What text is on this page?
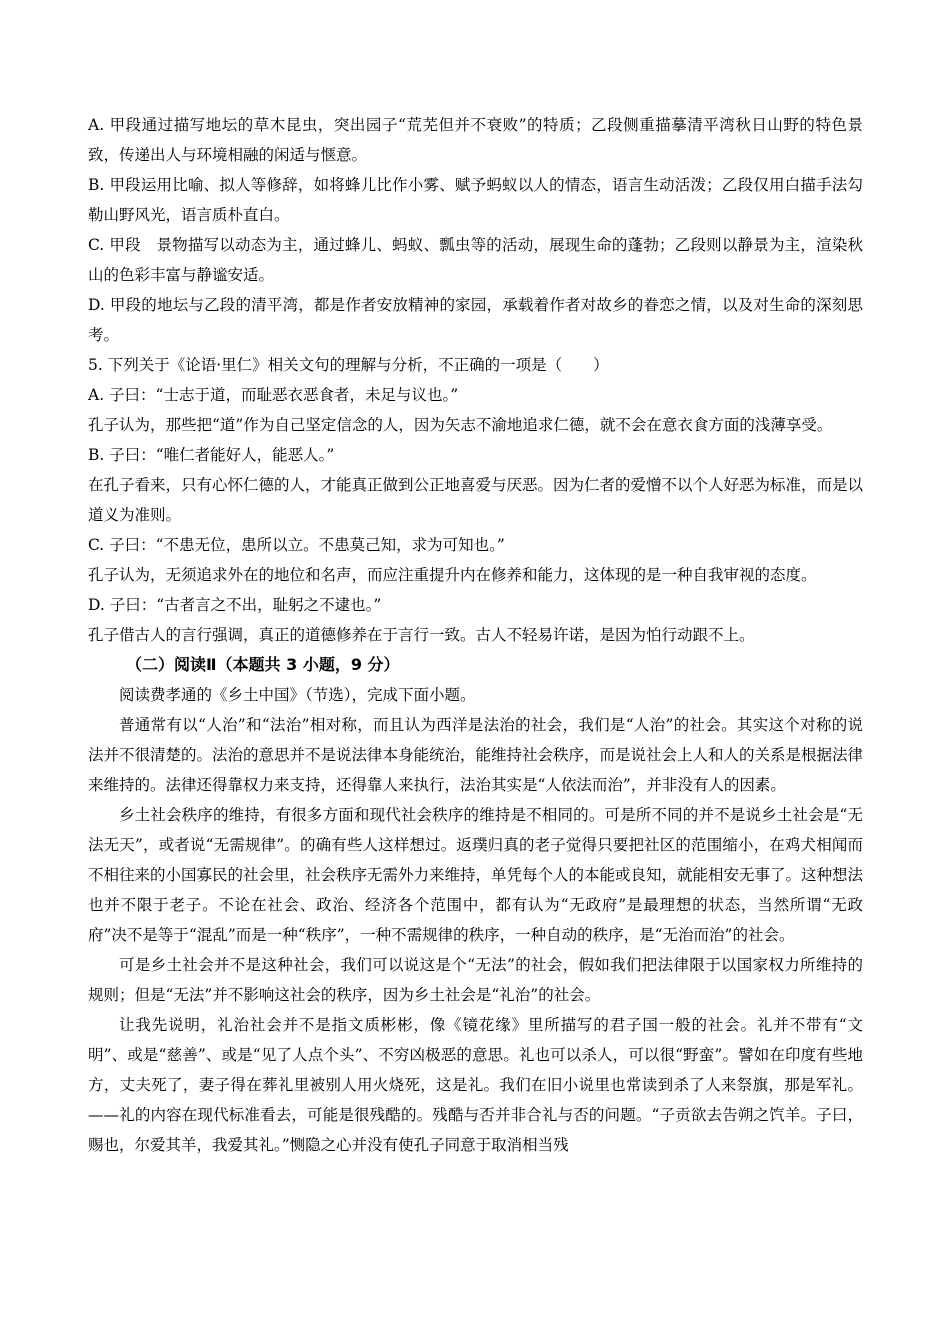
A. 甲段通过描写地坛的草木昆虫，突出园子“荒芜但并不衰败”的特质；乙段侧重描摹清平湾秋日山野的特色景致，传递出人与环境相融的闲适与惬意。

B. 甲段运用比喻、拟人等修辞，如将蜂儿比作小雾、赋予蚂蚁以人的情态，语言生动活泼；乙段仅用白描手法勾勒山野风光，语言质朴直白。

C. 甲段　景物描写以动态为主，通过蜂儿、蚂蚁、瓢虫等的活动，展现生命的蓬勃；乙段则以静景为主，渲染秋山的色彩丰富与静谧安适。

D. 甲段的地坛与乙段的清平湾，都是作者安放精神的家园，承载着作者对故乡的眷恋之情，以及对生命的深刻思考。

5. 下列关于《论语·里仁》相关文句的理解与分析，不正确的一项是（　　）

A. 子曰：“士志于道，而耻恶衣恶食者，未足与议也。”

孔子认为，那些把“道”作为自己坚定信念的人，因为矢志不渝地追求仁德，就不会在意衣食方面的浅薄享受。

B. 子曰：“唯仁者能好人，能恶人。”

在孔子看来，只有心怀仁德的人，才能真正做到公正地喜爱与厌恶。因为仁者的爱憎不以个人好恶为标准，而是以道义为准则。

C. 子曰：“不患无位，患所以立。不患莫己知，求为可知也。”

孔子认为，无须追求外在的地位和名声，而应注重提升内在修养和能力，这体现的是一种自我审视的态度。

D. 子曰：“古者言之不出，耻躬之不逮也。”

孔子借古人的言行强调，真正的道德修养在于言行一致。古人不轻易许诺，是因为怕行动跟不上。

（二）阅读Ⅱ（本题共 3 小题，9 分）

阅读费孝通的《乡土中国》（节选），完成下面小题。

普通常有以“人治”和“法治”相对称，而且认为西洋是法治的社会，我们是“人治”的社会。其实这个对称的说法并不很清楚的。法治的意思并不是说法律本身能统治，能维持社会秩序，而是说社会上人和人的关系是根据法律来维持的。法律还得靠权力来支持，还得靠人来执行，法治其实是“人依法而治”，并非没有人的因素。

乡土社会秩序的维持，有很多方面和现代社会秩序的维持是不相同的。可是所不同的并不是说乡土社会是“无法无天”，或者说“无需规律”。的确有些人这样想过。返璞归真的老子觉得只要把社区的范围缩小，在鸡犬相闻而不相往来的小国寡民的社会里，社会秩序无需外力来维持，单凭每个人的本能或良知，就能相安无事了。这种想法也并不限于老子。不论在社会、政治、经济各个范围中，都有认为“无政府”是最理想的状态，当然所谓“无政府”决不是等于“混乱”而是一种“秩序”，一种不需规律的秩序，一种自动的秩序，是“无治而治”的社会。

可是乡土社会并不是这种社会，我们可以说这是个“无法”的社会，假如我们把法律限于以国家权力所维持的规则；但是“无法”并不影响这社会的秩序，因为乡土社会是“礼治”的社会。

让我先说明，礼治社会并不是指文质彬彬，像《镜花缘》里所描写的君子国一般的社会。礼并不带有“文明”、或是“慈善”、或是“见了人点个头”、不穷凶极恶的意思。礼也可以杀人，可以很“野蛮”。譬如在印度有些地方，丈夫死了，妻子得在葬礼里被别人用火烧死，这是礼。我们在旧小说里也常读到杀了人来祭旗，那是军礼。——礼的内容在现代标准看去，可能是很残酷的。残酷与否并非合礼与否的问题。“子贡欲去告朔之饩羊。子曰，赐也，尔爱其羊，我爱其礼。”恻隐之心并没有使孔子同意于取消相当残
